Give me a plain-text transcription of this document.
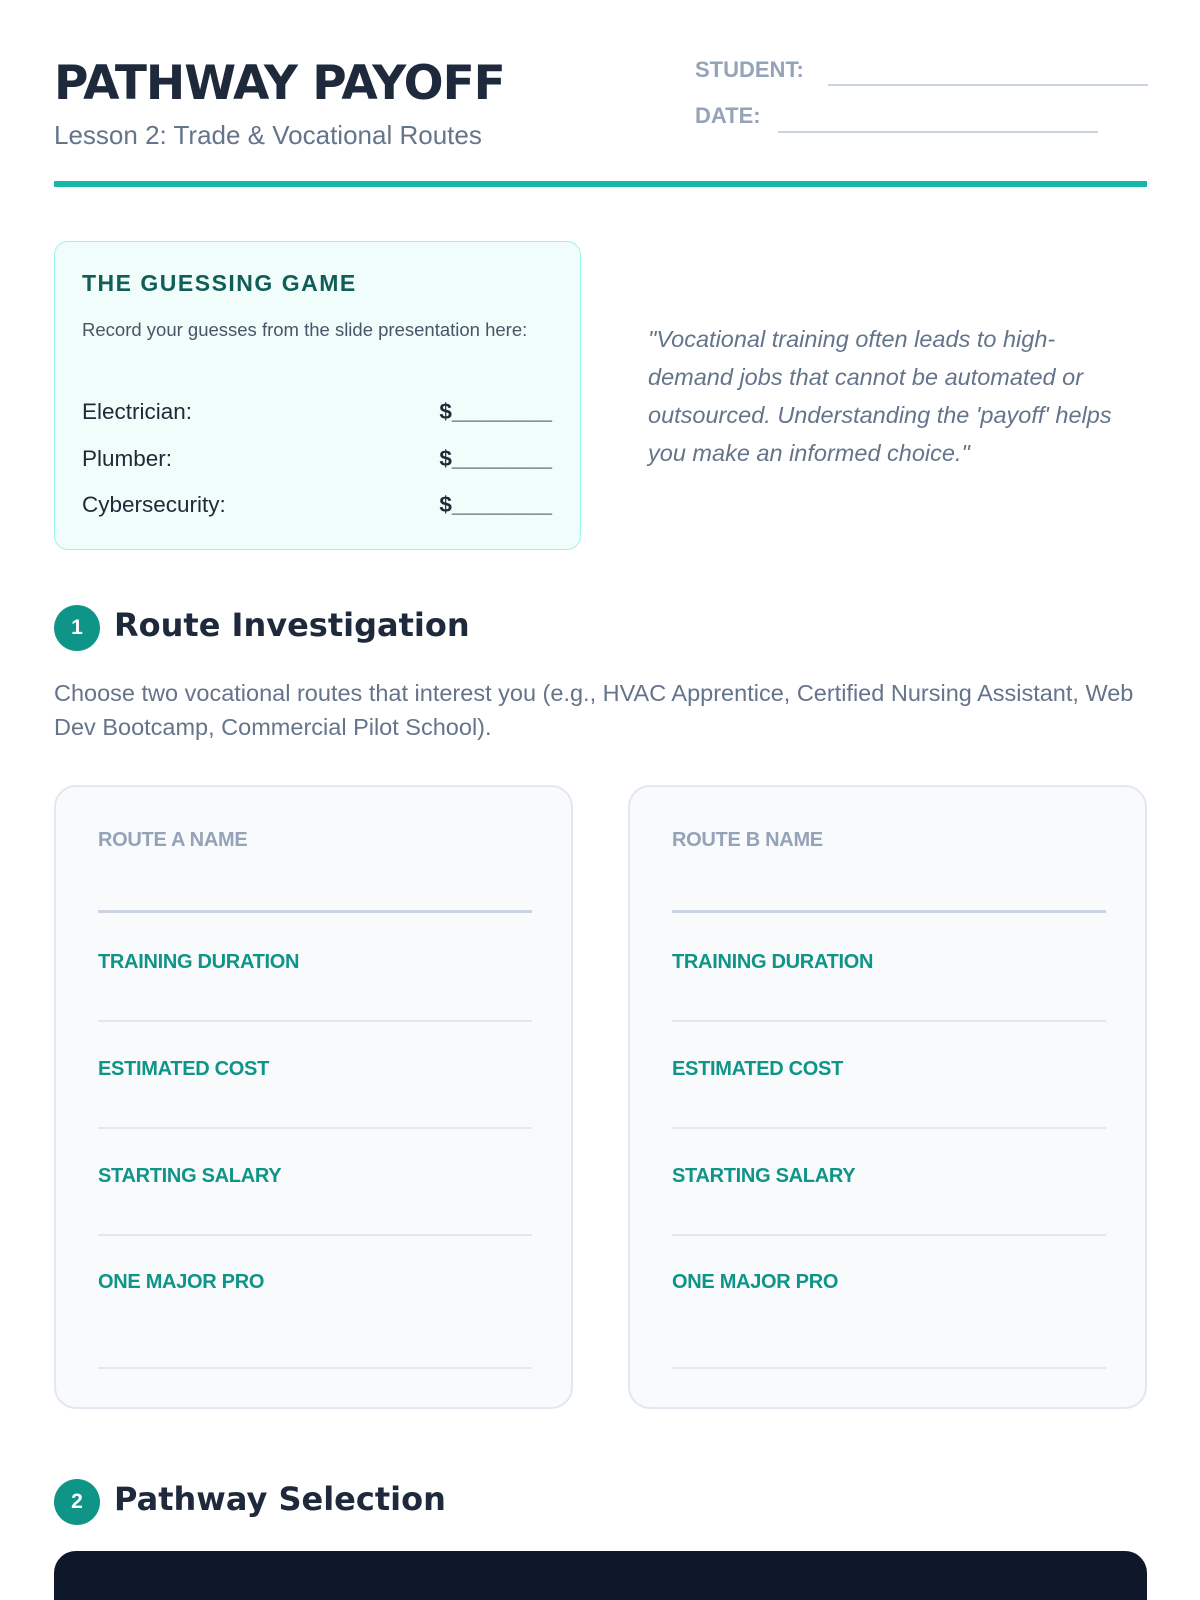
PATHWAY PAYOFF
Lesson 2: Trade & Vocational Routes
STUDENT:
DATE:
THE GUESSING GAME
Record your guesses from the slide presentation here:
Electrician:	$________
Plumber:	$________
Cybersecurity:	$________
"Vocational training often leads to high-demand jobs that cannot be automated or outsourced. Understanding the 'payoff' helps you make an informed choice."
1 Route Investigation
Choose two vocational routes that interest you (e.g., HVAC Apprentice, Certified Nursing Assistant, Web Dev Bootcamp, Commercial Pilot School).
ROUTE A NAME
TRAINING DURATION
ESTIMATED COST
STARTING SALARY
ONE MAJOR PRO
ROUTE B NAME
TRAINING DURATION
ESTIMATED COST
STARTING SALARY
ONE MAJOR PRO
2 Pathway Selection
